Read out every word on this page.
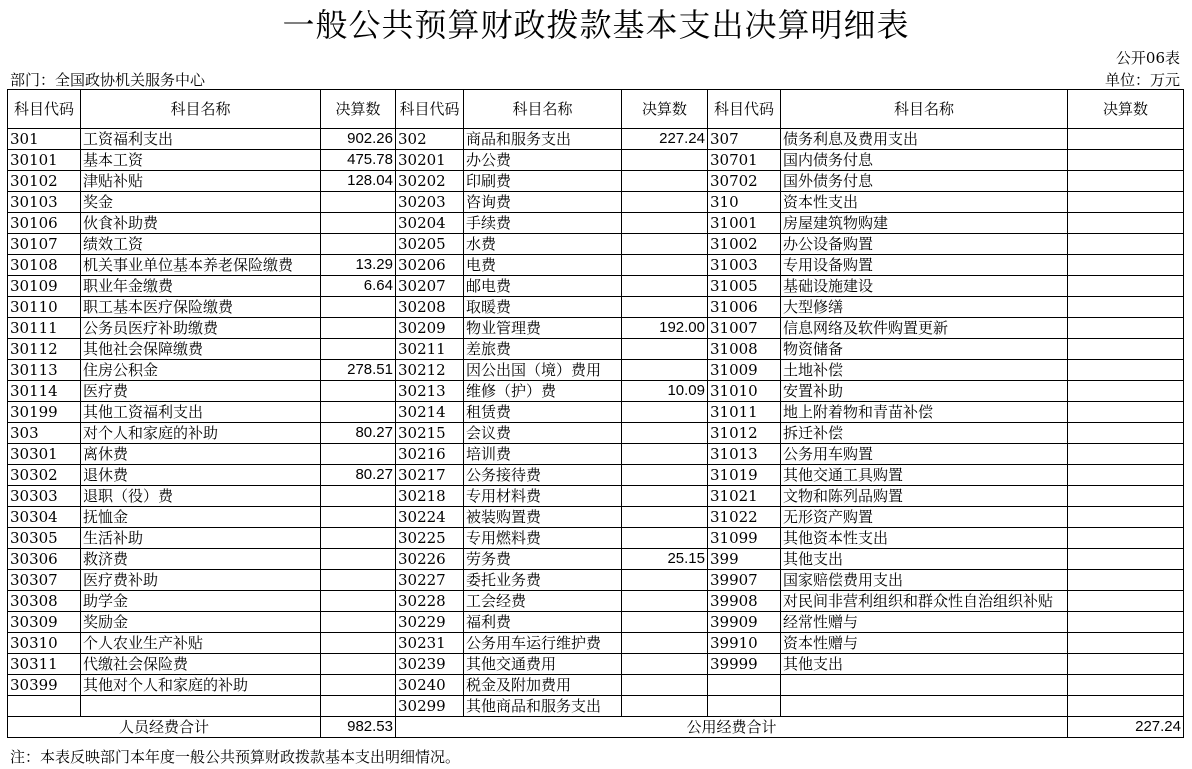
一般公共预算财政拨款基本支出决算明细表
公开06表
部门：全国政协机关服务中心	单位：万元
科目代码	科目名称	决算数	科目代码	科目名称	决算数	科目代码	科目名称	决算数
301	工资福利支出	902.26	302	商品和服务支出	227.24	307	债务利息及费用支出	
30101	基本工资	475.78	30201	办公费		30701	国内债务付息	
30102	津贴补贴	128.04	30202	印刷费		30702	国外债务付息	
30103	奖金		30203	咨询费		310	资本性支出	
30106	伙食补助费		30204	手续费		31001	房屋建筑物购建	
30107	绩效工资		30205	水费		31002	办公设备购置	
30108	机关事业单位基本养老保险缴费	13.29	30206	电费		31003	专用设备购置	
30109	职业年金缴费	6.64	30207	邮电费		31005	基础设施建设	
30110	职工基本医疗保险缴费		30208	取暖费		31006	大型修缮	
30111	公务员医疗补助缴费		30209	物业管理费	192.00	31007	信息网络及软件购置更新	
30112	其他社会保障缴费		30211	差旅费		31008	物资储备	
30113	住房公积金	278.51	30212	因公出国（境）费用		31009	土地补偿	
30114	医疗费		30213	维修（护）费	10.09	31010	安置补助	
30199	其他工资福利支出		30214	租赁费		31011	地上附着物和青苗补偿	
303	对个人和家庭的补助	80.27	30215	会议费		31012	拆迁补偿	
30301	离休费		30216	培训费		31013	公务用车购置	
30302	退休费	80.27	30217	公务接待费		31019	其他交通工具购置	
30303	退职（役）费		30218	专用材料费		31021	文物和陈列品购置	
30304	抚恤金		30224	被装购置费		31022	无形资产购置	
30305	生活补助		30225	专用燃料费		31099	其他资本性支出	
30306	救济费		30226	劳务费	25.15	399	其他支出	
30307	医疗费补助		30227	委托业务费		39907	国家赔偿费用支出	
30308	助学金		30228	工会经费		39908	对民间非营利组织和群众性自治组织补贴	
30309	奖励金		30229	福利费		39909	经常性赠与	
30310	个人农业生产补贴		30231	公务用车运行维护费		39910	资本性赠与	
30311	代缴社会保险费		30239	其他交通费用		39999	其他支出	
30399	其他对个人和家庭的补助		30240	税金及附加费用				
			30299	其他商品和服务支出				
人员经费合计		982.53	公用经费合计					227.24
注：本表反映部门本年度一般公共预算财政拨款基本支出明细情况。
